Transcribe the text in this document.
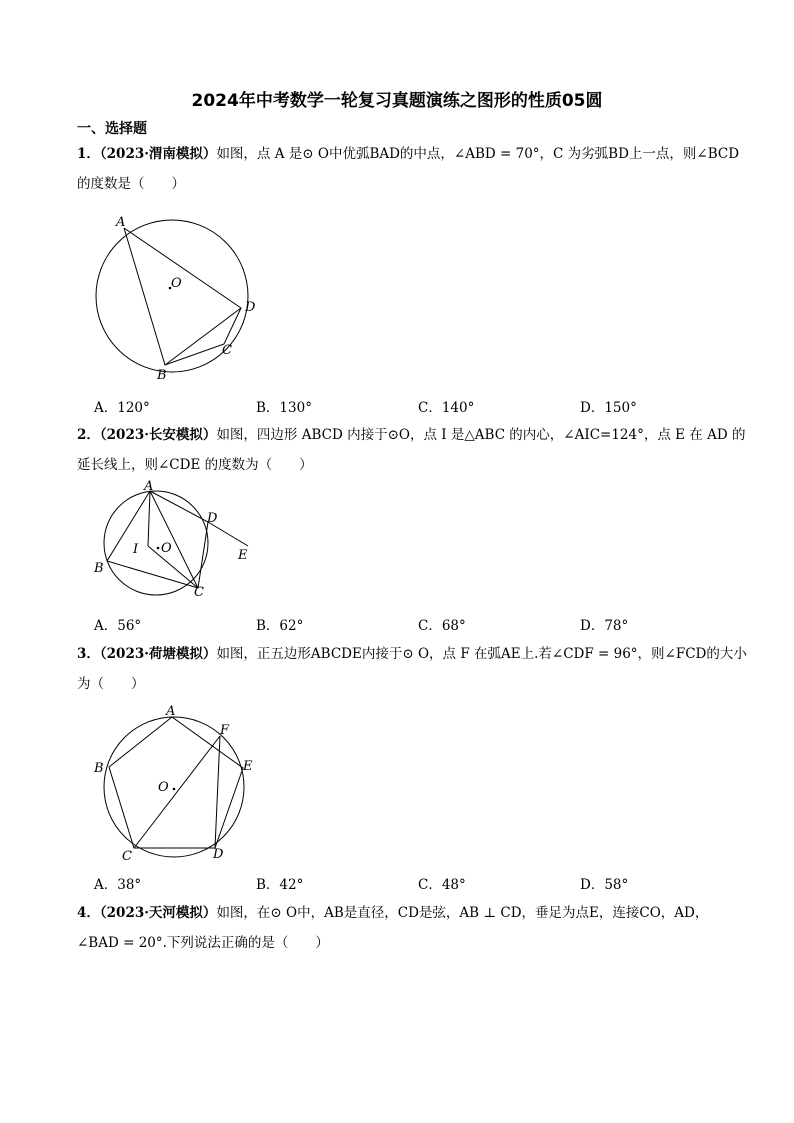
2024年中考数学一轮复习真题演练之图形的性质05圆
一、选择题
1．（2023·渭南模拟）如图，点 A 是⊙ O中优弧BAD的中点，∠ABD = 70°，C 为劣弧BD上一点，则∠BCD
的度数是（　　）
A
O
D
C
B
A．120°	B．130°	C．140°	D．150°
2．（2023·长安模拟）如图，四边形 ABCD 内接于⊙O，点 I 是△ABC 的内心，∠AIC=124°，点 E 在 AD 的
延长线上，则∠CDE 的度数为（　　）
A
D
E
I O
B
C
A．56°	B．62°	C．68°	D．78°
3．（2023·荷塘模拟）如图，正五边形ABCDE内接于⊙ O，点 F 在弧AE上.若∠CDF = 96°，则∠FCD的大小
为（　　）
A
F
B	E
O
C	D
A．38°	B．42°	C．48°	D．58°
4．（2023·天河模拟）如图，在⊙ O中，AB是直径，CD是弦，AB ⊥ CD，垂足为点E，连接CO，AD，
∠BAD = 20°.下列说法正确的是（　　）
